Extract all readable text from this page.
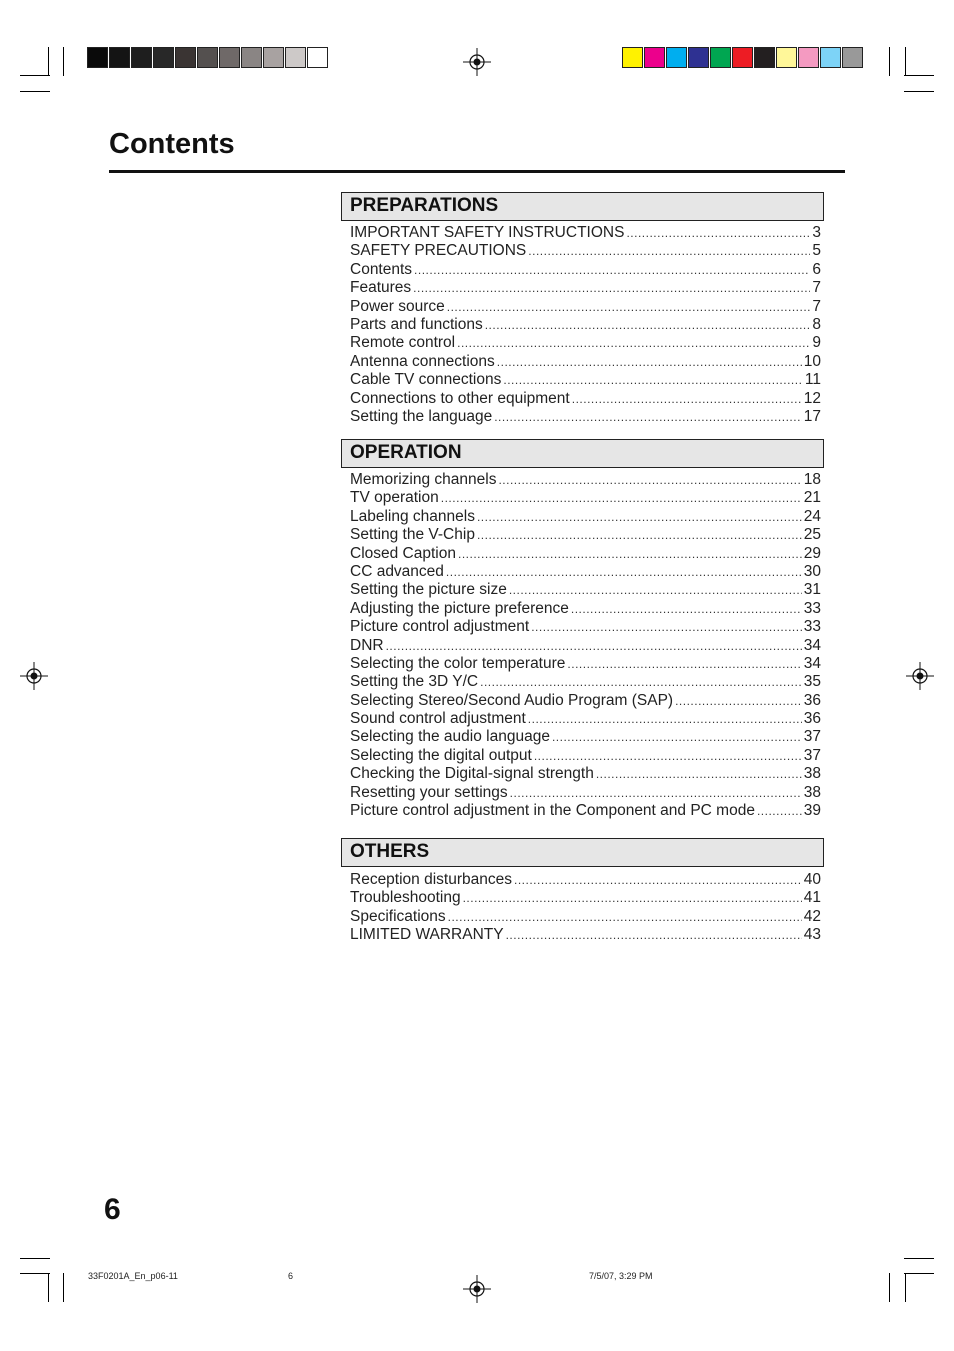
Contents
PREPARATIONS
IMPORTANT SAFETY INSTRUCTIONS .....	3
SAFETY PRECAUTIONS .....	5
Contents .....	6
Features .....	7
Power source .....	7
Parts and functions .....	8
Remote control .....	9
Antenna connections .....	10
Cable TV connections .....	11
Connections to other equipment .....	12
Setting the language .....	17
OPERATION
Memorizing channels .....	18
TV operation .....	21
Labeling channels .....	24
Setting the V-Chip .....	25
Closed Caption .....	29
CC advanced .....	30
Setting the picture size .....	31
Adjusting the picture preference .....	33
Picture control adjustment .....	33
DNR .....	34
Selecting the color temperature .....	34
Setting the 3D Y/C .....	35
Selecting Stereo/Second Audio Program (SAP) .....	36
Sound control adjustment .....	36
Selecting the audio language .....	37
Selecting the digital output .....	37
Checking the Digital-signal strength .....	38
Resetting your settings .....	38
Picture control adjustment in the Component and PC mode .....	39
OTHERS
Reception disturbances .....	40
Troubleshooting .....	41
Specifications .....	42
LIMITED WARRANTY .....	43
6
33F0201A_En_p06-11	6	7/5/07, 3:29 PM
